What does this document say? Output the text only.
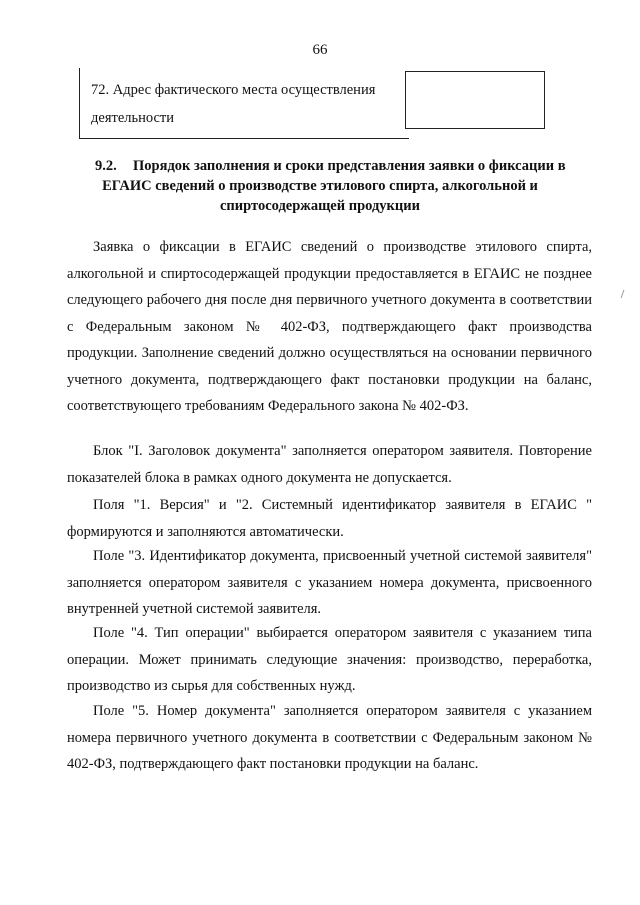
66
72. Адрес фактического места осуществления
деятельности
9.2. Порядок заполнения и сроки представления заявки о фиксации в
ЕГАИС сведений о производстве этилового спирта, алкогольной и
спиртосодержащей продукции

Заявка о фиксации в ЕГАИС сведений о производстве этилового спирта, алкогольной и спиртосодержащей продукции предоставляется в ЕГАИС не позднее следующего рабочего дня после дня первичного учетного документа в соответствии с Федеральным законом № 402-ФЗ, подтверждающего факт производства продукции. Заполнение сведений должно осуществляться на основании первичного учетного документа, подтверждающего факт постановки продукции на баланс, соответствующего требованиям Федерального закона № 402-ФЗ.

Блок "I. Заголовок документа" заполняется оператором заявителя. Повторение показателей блока в рамках одного документа не допускается.

Поля "1. Версия" и "2. Системный идентификатор заявителя в ЕГАИС " формируются и заполняются автоматически.

Поле "3. Идентификатор документа, присвоенный учетной системой заявителя" заполняется оператором заявителя с указанием номера документа, присвоенного внутренней учетной системой заявителя.

Поле "4. Тип операции" выбирается оператором заявителя с указанием типа операции. Может принимать следующие значения: производство, переработка, производство из сырья для собственных нужд.

Поле "5. Номер документа" заполняется оператором заявителя с указанием номера первичного учетного документа в соответствии с Федеральным законом № 402-ФЗ, подтверждающего факт постановки продукции на баланс.
